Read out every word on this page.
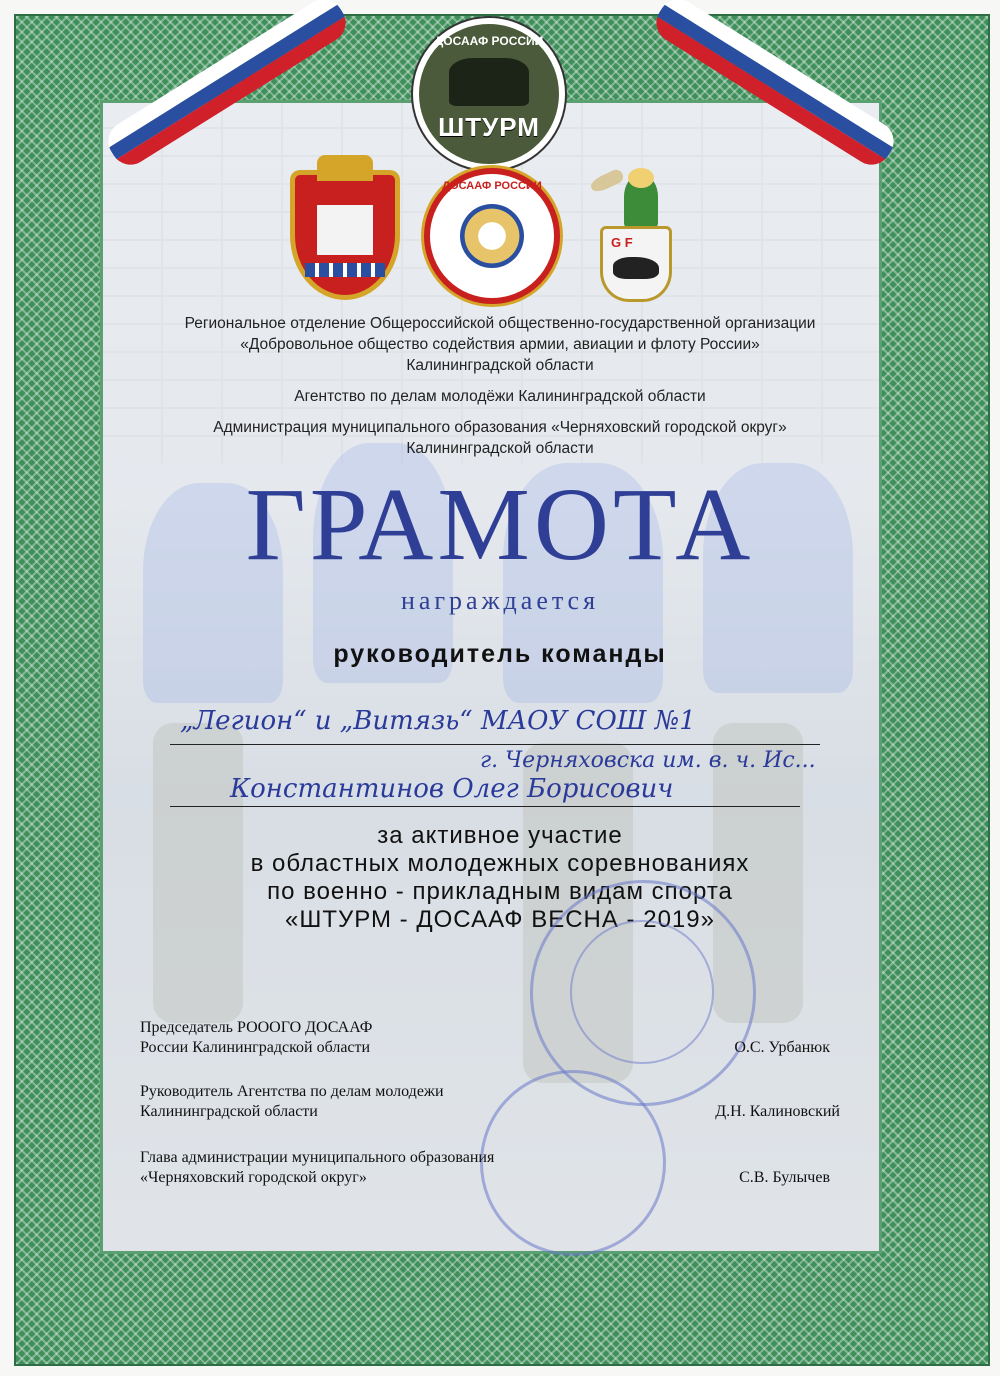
ДОСААФ РОССИИ
ШТУРМ
ДОСААФ РОССИИ
G F

Региональное отделение Общероссийской общественно-государственной организации
«Добровольное общество содействия армии, авиации и флоту России»
Калининградской области

Агентство по делам молодёжи Калининградской области

Администрация муниципального образования «Черняховский городской округ»
Калининградской области

ГРАМОТА
награждается
руководитель команды
„Легион“ и „Витязь“ МАОУ СОШ №1
г. Черняховска им. в. ч. Ис...
Константинов Олег Борисович
за активное участие
в областных молодежных соревнованиях
по военно - прикладным видам спорта
«ШТУРМ - ДОСААФ ВЕСНА - 2019»
Председатель РОООГО ДОСААФ
России Калининградской области	О.С. Урбанюк
Руководитель Агентства по делам молодежи
Калининградской области	Д.Н. Калиновский
Глава администрации муниципального образования
«Черняховский городской округ»	С.В. Булычев
